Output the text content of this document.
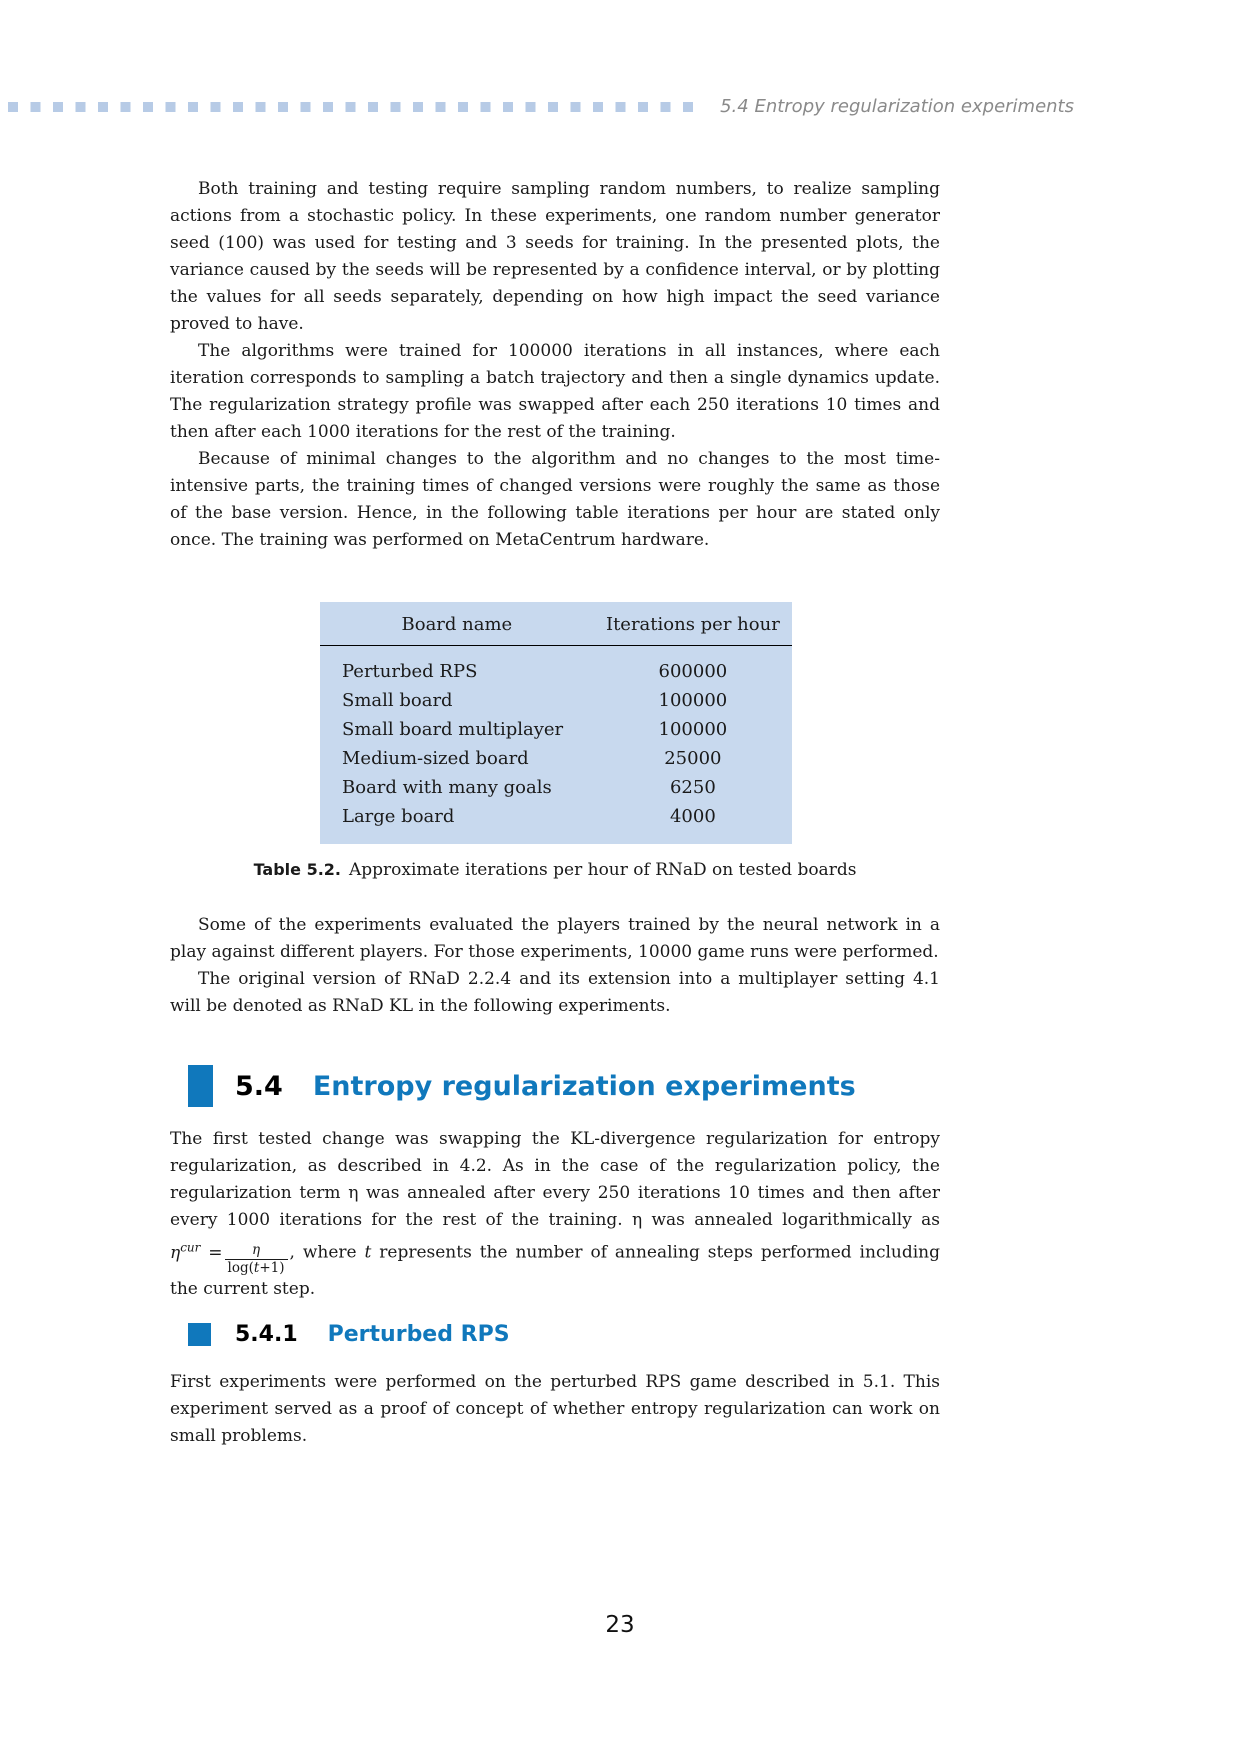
5.4 Entropy regularization experiments

Both training and testing require sampling random numbers, to realize sampling actions from a stochastic policy. In these experiments, one random number generator seed (100) was used for testing and 3 seeds for training. In the presented plots, the variance caused by the seeds will be represented by a confidence interval, or by plotting the values for all seeds separately, depending on how high impact the seed variance proved to have.

The algorithms were trained for 100000 iterations in all instances, where each iteration corresponds to sampling a batch trajectory and then a single dynamics update. The regularization strategy profile was swapped after each 250 iterations 10 times and then after each 1000 iterations for the rest of the training.

Because of minimal changes to the algorithm and no changes to the most time-intensive parts, the training times of changed versions were roughly the same as those of the base version. Hence, in the following table iterations per hour are stated only once. The training was performed on MetaCentrum hardware.

Board name	Iterations per hour
Perturbed RPS	600000
Small board	100000
Small board multiplayer	100000
Medium-sized board	25000
Board with many goals	6250
Large board	4000
Table 5.2. Approximate iterations per hour of RNaD on tested boards

Some of the experiments evaluated the players trained by the neural network in a play against different players. For those experiments, 10000 game runs were performed.

The original version of RNaD 2.2.4 and its extension into a multiplayer setting 4.1 will be denoted as RNaD KL in the following experiments.

5.4 Entropy regularization experiments

The first tested change was swapping the KL-divergence regularization for entropy regularization, as described in 4.2. As in the case of the regularization policy, the regularization term η was annealed after every 250 iterations 10 times and then after every 1000 iterations for the rest of the training. η was annealed logarithmically as $\eta^{cur} = \frac{\eta}{\log(t+1)}$ , where t represents the number of annealing steps performed including the current step.

5.4.1 Perturbed RPS

First experiments were performed on the perturbed RPS game described in 5.1. This experiment served as a proof of concept of whether entropy regularization can work on small problems.

23
